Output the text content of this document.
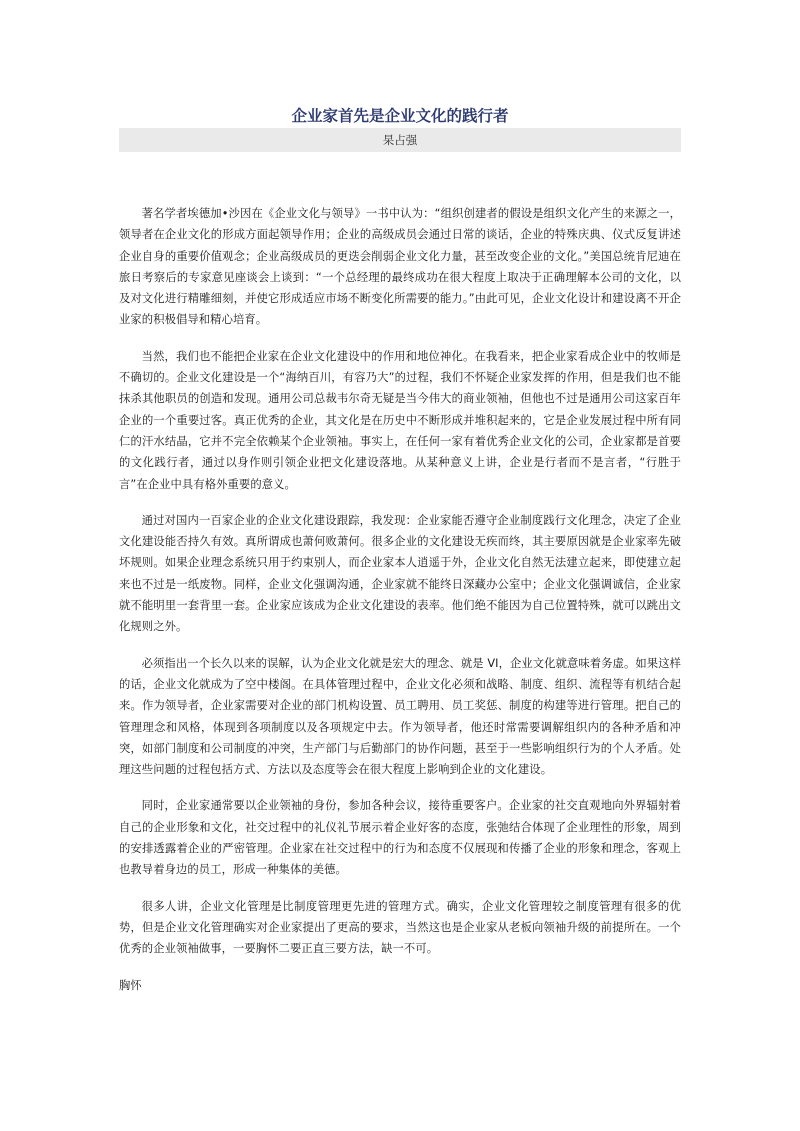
企业家首先是企业文化的践行者
杲占强

著名学者埃德加•沙因在《企业文化与领导》一书中认为：“组织创建者的假设是组织文化产生的来源之一，领导者在企业文化的形成方面起领导作用；企业的高级成员会通过日常的谈话，企业的特殊庆典、仪式反复讲述企业自身的重要价值观念；企业高级成员的更迭会削弱企业文化力量，甚至改变企业的文化。”美国总统肯尼迪在旅日考察后的专家意见座谈会上谈到：“一个总经理的最终成功在很大程度上取决于正确理解本公司的文化，以及对文化进行精雕细刻，并使它形成适应市场不断变化所需要的能力。”由此可见，企业文化设计和建设离不开企业家的积极倡导和精心培育。

当然，我们也不能把企业家在企业文化建设中的作用和地位神化。在我看来，把企业家看成企业中的牧师是不确切的。企业文化建设是一个“海纳百川，有容乃大”的过程，我们不怀疑企业家发挥的作用，但是我们也不能抹杀其他职员的创造和发现。通用公司总裁韦尔奇无疑是当今伟大的商业领袖，但他也不过是通用公司这家百年企业的一个重要过客。真正优秀的企业，其文化是在历史中不断形成并堆积起来的，它是企业发展过程中所有同仁的汗水结晶，它并不完全依赖某个企业领袖。事实上，在任何一家有着优秀企业文化的公司，企业家都是首要的文化践行者，通过以身作则引领企业把文化建设落地。从某种意义上讲，企业是行者而不是言者，“行胜于言”在企业中具有格外重要的意义。

通过对国内一百家企业的企业文化建设跟踪，我发现：企业家能否遵守企业制度践行文化理念，决定了企业文化建设能否持久有效。真所谓成也萧何败萧何。很多企业的文化建设无疾而终，其主要原因就是企业家率先破坏规则。如果企业理念系统只用于约束别人，而企业家本人逍遥于外，企业文化自然无法建立起来，即使建立起来也不过是一纸废物。同样，企业文化强调沟通，企业家就不能终日深藏办公室中；企业文化强调诚信，企业家就不能明里一套背里一套。企业家应该成为企业文化建设的表率。他们绝不能因为自己位置特殊，就可以跳出文化规则之外。

必须指出一个长久以来的误解，认为企业文化就是宏大的理念、就是 VI，企业文化就意味着务虚。如果这样的话，企业文化就成为了空中楼阁。在具体管理过程中，企业文化必须和战略、制度、组织、流程等有机结合起来。作为领导者，企业家需要对企业的部门机构设置、员工聘用、员工奖惩、制度的构建等进行管理。把自己的管理理念和风格，体现到各项制度以及各项规定中去。作为领导者，他还时常需要调解组织内的各种矛盾和冲突，如部门制度和公司制度的冲突，生产部门与后勤部门的协作问题，甚至于一些影响组织行为的个人矛盾。处理这些问题的过程包括方式、方法以及态度等会在很大程度上影响到企业的文化建设。

同时，企业家通常要以企业领袖的身份，参加各种会议，接待重要客户。企业家的社交直观地向外界辐射着自己的企业形象和文化，社交过程中的礼仪礼节展示着企业好客的态度，张弛结合体现了企业理性的形象，周到的安排透露着企业的严密管理。企业家在社交过程中的行为和态度不仅展现和传播了企业的形象和理念，客观上也教导着身边的员工，形成一种集体的美德。

很多人讲，企业文化管理是比制度管理更先进的管理方式。确实，企业文化管理较之制度管理有很多的优势，但是企业文化管理确实对企业家提出了更高的要求，当然这也是企业家从老板向领袖升级的前提所在。一个优秀的企业领袖做事，一要胸怀二要正直三要方法，缺一不可。

胸怀
